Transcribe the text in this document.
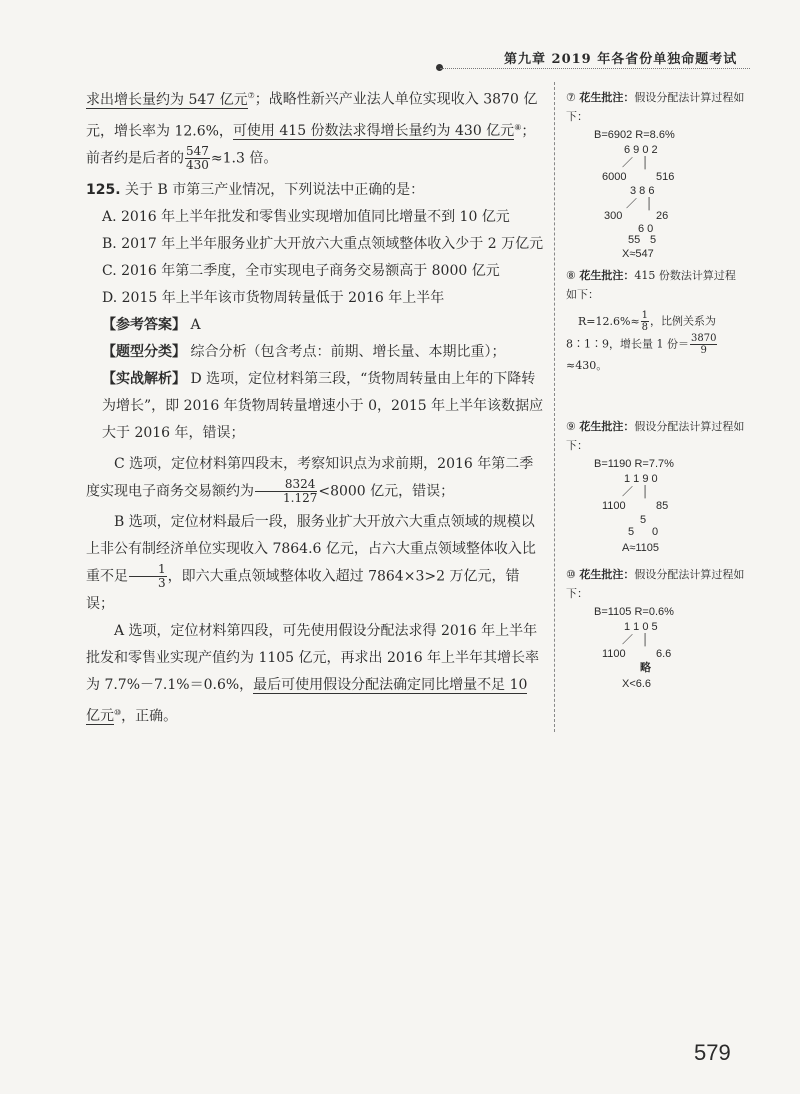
第九章 2019 年各省份单独命题考试

求出增长量约为 547 亿元⑦；战略性新兴产业法人单位实现收入 3870 亿元，增长率为 12.6%，可使用 415 份数法求得增长量约为 430 亿元⑧；前者约是后者的 $\frac{547}{430} \approx 1.3$ 倍。

125. 关于 B 市第三产业情况，下列说法中正确的是：

A. 2016 年上半年批发和零售业实现增加值同比增量不到 10 亿元

B. 2017 年上半年服务业扩大开放六大重点领域整体收入少于 2 万亿元

C. 2016 年第二季度，全市实现电子商务交易额高于 8000 亿元

D. 2015 年上半年该市货物周转量低于 2016 年上半年

【参考答案】 A

【题型分类】 综合分析（包含考点：前期、增长量、本期比重）；

【实战解析】 D 选项，定位材料第三段，“货物周转量由上年的下降转为增长”，即 2016 年货物周转量增速小于 0，2015 年上半年该数据应大于 2016 年，错误；

C 选项，定位材料第四段末，考察知识点为求前期，2016 年第二季度实现电子商务交易额约为 $\frac{8324}{1.127} <8000$ 亿元，错误；

B 选项，定位材料最后一段，服务业扩大开放六大重点领域的规模以上非公有制经济单位实现收入 7864.6 亿元，占六大重点领域整体收入比重不足 $\frac{1}{3}$ ，即六大重点领域整体收入超过 7864×3>2 万亿元，错误；

A 选项，定位材料第四段，可先使用假设分配法求得 2016 年上半年批发和零售业实现产值约为 1105 亿元，再求出 2016 年上半年其增长率为 7.7%－7.1%＝0.6%，最后可使用假设分配法确定同比增量不足 10 亿元⑩，正确。

⑦ 花生批注：假设分配法计算过程如下：

B=6902 R=8.6%
6 9 0 2
／   │
6000	516
3 8 6
／   │
300	26
6 0
55 5
X≈547

⑧ 花生批注：415 份数法计算过程如下：

$R=12.6\%\approx \frac{1}{8}$ ，比例关系为 8∶1∶9，增长量 1 份＝ $\frac{3870}{9}$
≈430。

⑨ 花生批注：假设分配法计算过程如下：

B=1190 R=7.7%
1 1 9 0
／   │
1100	85
5
5 0
A≈1105

⑩ 花生批注：假设分配法计算过程如下：

B=1105 R=0.6%
1 1 0 5
／   │
1100	6.6
略
X<6.6
579
